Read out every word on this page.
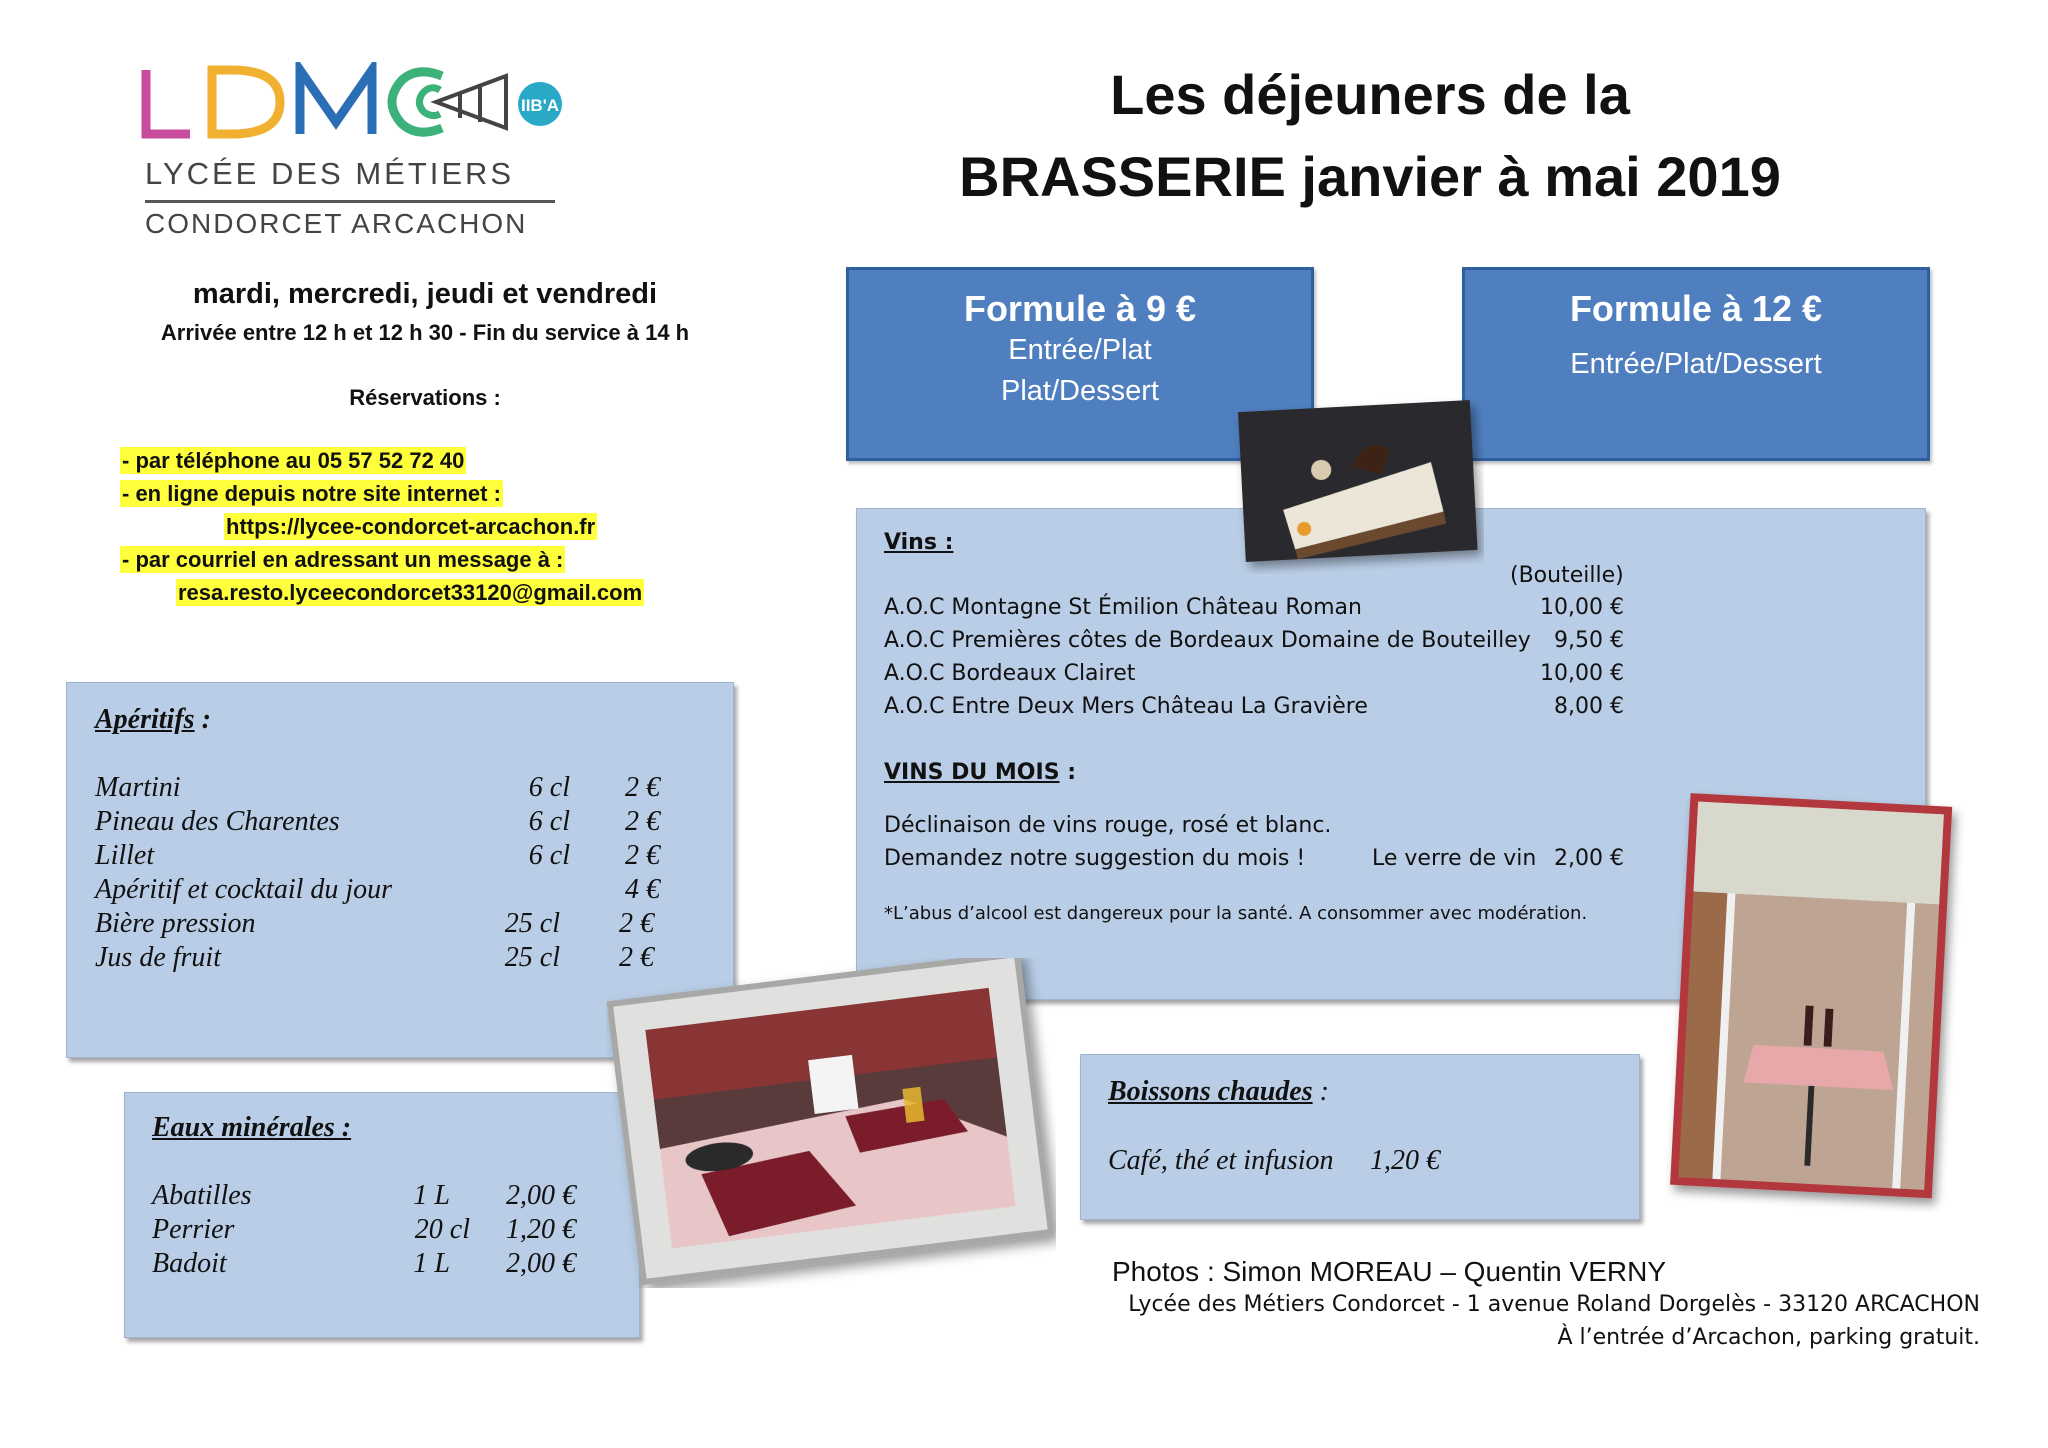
IIB'A
LYCÉE DES MÉTIERS
CONDORCET ARCACHON
Les déjeuners de la
BRASSERIE janvier à mai 2019
mardi, mercredi, jeudi et vendredi
Arrivée entre 12 h et 12 h 30 - Fin du service à 14 h
Réservations :
- par téléphone au 05 57 52 72 40
- en ligne depuis notre site internet :
https://lycee-condorcet-arcachon.fr
- par courriel en adressant un message à :
resa.resto.lyceecondorcet33120@gmail.com
Formule à 9 €
Entrée/Plat
Plat/Dessert
Formule à 12 €
Entrée/Plat/Dessert
Vins :
(Bouteille)
A.O.C Montagne St Émilion Château Roman	10,00 €
A.O.C Premières côtes de Bordeaux Domaine de Bouteilley	9,50 €
A.O.C Bordeaux Clairet	10,00 €
A.O.C Entre Deux Mers Château La Gravière	8,00 €
VINS DU MOIS :
Déclinaison de vins rouge, rosé et blanc.
Demandez notre suggestion du mois !	Le verre de vin 2,00 €
*L’abus d’alcool est dangereux pour la santé. A consommer avec modération.
Apéritifs :
Martini	6 cl	2 €
Pineau des Charentes	6 cl	2 €
Lillet	6 cl	2 €
Apéritif et cocktail du jour	4 €
Bière pression	25 cl	2 €
Jus de fruit	25 cl	2 €
Eaux minérales :
Abatilles	1 L	2,00 €
Perrier	20 cl	1,20 €
Badoit	1 L	2,00 €
Boissons chaudes :
Café, thé et infusion 1,20 €
Photos : Simon MOREAU – Quentin VERNY
Lycée des Métiers Condorcet - 1 avenue Roland Dorgelès - 33120 ARCACHON
À l’entrée d’Arcachon, parking gratuit.
